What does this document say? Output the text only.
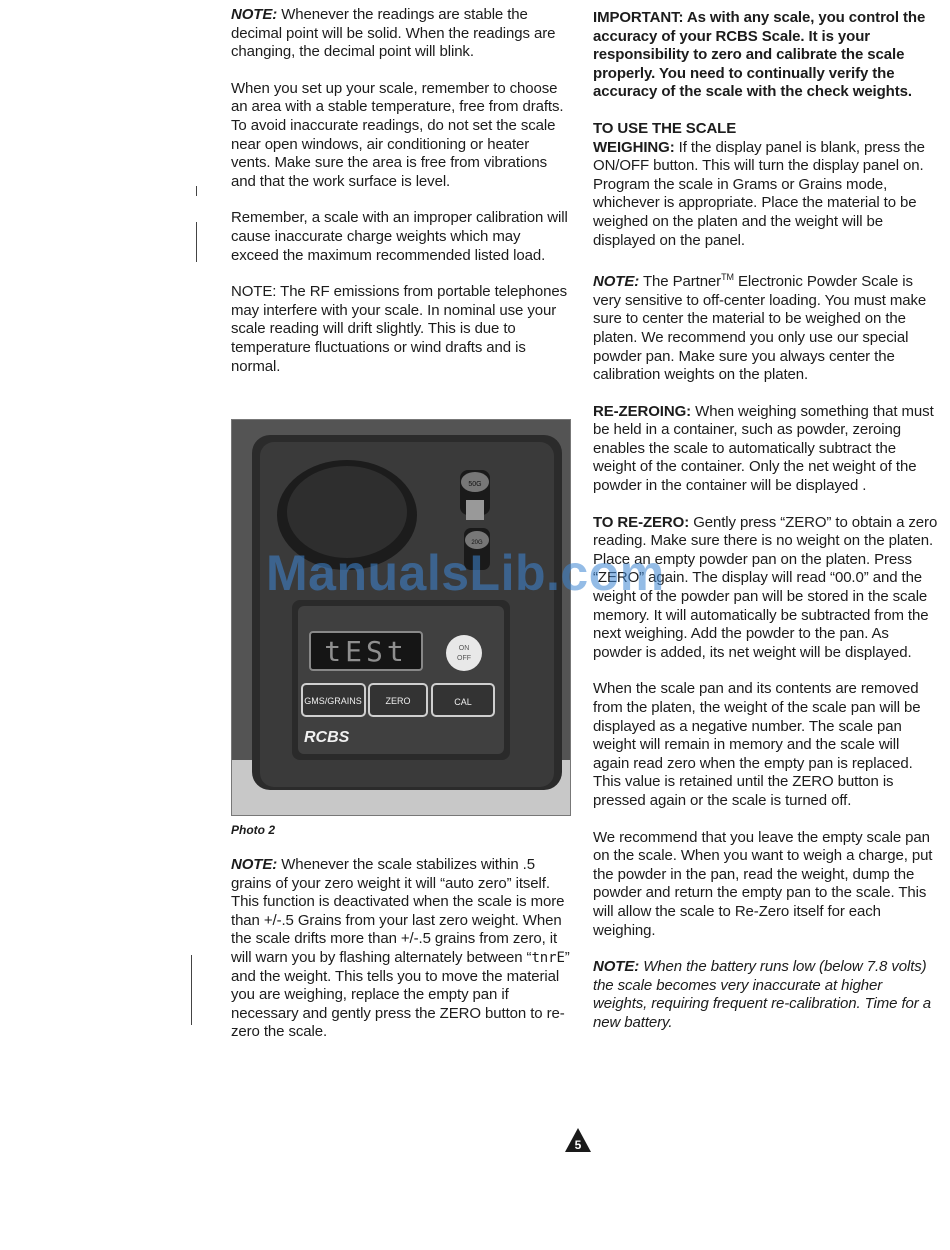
NOTE: Whenever the readings are stable the decimal point will be solid. When the readings are changing, the decimal point will blink.

When you set up your scale, remember to choose an area with a stable temperature, free from drafts. To avoid inaccurate readings, do not set the scale near open windows, air conditioning or heater vents. Make sure the area is free from vibrations and that the work surface is level.

Remember, a scale with an improper calibration will cause inaccurate charge weights which may exceed the maximum recommended listed load.

NOTE: The RF emissions from portable telephones may interfere with your scale. In nominal use your scale reading will drift slightly. This is due to temperature fluctuations or wind drafts and is normal.

NOTE: Whenever the scale stabilizes within .5 grains of your zero weight it will “auto zero” itself. This function is deactivated when the scale is more than +/-.5 Grains from your last zero weight. When the scale drifts more than +/-.5 grains from zero, it will warn you by flashing alternately between “tnrE” and the weight. This tells you to move the material you are weighing, replace the empty pan if necessary and gently press the ZERO button to re-zero the scale.

50G
20G
tESt	ON
OFF
GMS/GRAINS	ZERO	CAL
RCBS
Photo 2

IMPORTANT: As with any scale, you control the accuracy of your RCBS Scale. It is your responsibility to zero and calibrate the scale properly. You need to continually verify the accuracy of the scale with the check weights.

TO USE THE SCALE

WEIGHING: If the display panel is blank, press the ON/OFF button. This will turn the display panel on. Program the scale in Grams or Grains mode, whichever is appropriate. Place the material to be weighed on the platen and the weight will be displayed on the panel.

NOTE: The Partner™ Electronic Powder Scale is very sensitive to off-center loading. You must make sure to center the material to be weighed on the platen. We recommend you only use our special powder pan. Make sure you always center the calibration weights on the platen.

RE-ZEROING: When weighing something that must be held in a container, such as powder, zeroing enables the scale to automatically subtract the weight of the container. Only the net weight of the powder in the container will be displayed .

TO RE-ZERO: Gently press “ZERO” to obtain a zero reading. Make sure there is no weight on the platen. Place an empty powder pan on the platen. Press “ZERO” again. The display will read “00.0” and the weight of the powder pan will be stored in the scale memory. It will automatically be subtracted from the next weighing. Add the powder to the pan. As powder is added, its net weight will be displayed.

When the scale pan and its contents are removed from the platen, the weight of the scale pan will be displayed as a negative number. The scale pan weight will remain in memory and the scale will again read zero when the empty pan is replaced. This value is retained until the ZERO button is pressed again or the scale is turned off.

We recommend that you leave the empty scale pan on the scale. When you want to weigh a charge, put the powder in the pan, read the weight, dump the powder and return the empty pan to the scale. This will allow the scale to Re-Zero itself for each weighing.

NOTE: When the battery runs low (below 7.8 volts) the scale becomes very inaccurate at higher weights, requiring frequent re-calibration. Time for a new battery.

ManualsLib.com
5
